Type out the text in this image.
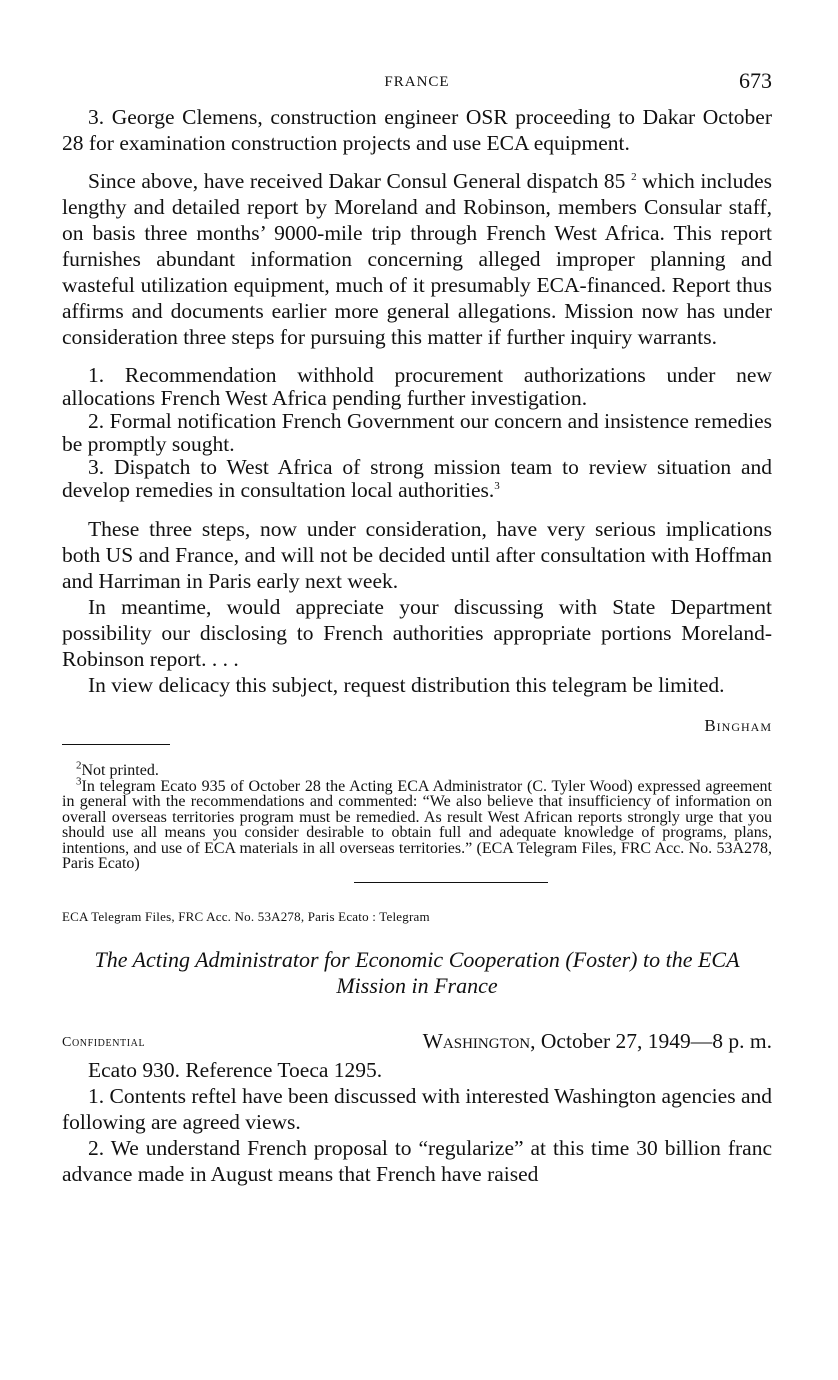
FRANCE	673

3. George Clemens, construction engineer OSR proceeding to Dakar October 28 for examination construction projects and use ECA equipment.

Since above, have received Dakar Consul General dispatch 85 $^2$ which includes lengthy and detailed report by Moreland and Robinson, members Consular staff, on basis three months’ 9000-mile trip through French West Africa. This report furnishes abundant information concerning alleged improper planning and wasteful utilization equipment, much of it presumably ECA-financed. Report thus affirms and documents earlier more general allegations. Mission now has under consideration three steps for pursuing this matter if further inquiry warrants.

1. Recommendation withhold procurement authorizations under new allocations French West Africa pending further investigation.

2. Formal notification French Government our concern and insistence remedies be promptly sought.

3. Dispatch to West Africa of strong mission team to review situation and develop remedies in consultation local authorities.$^3$

These three steps, now under consideration, have very serious implications both US and France, and will not be decided until after consultation with Hoffman and Harriman in Paris early next week.

In meantime, would appreciate your discussing with State Department possibility our disclosing to French authorities appropriate portions Moreland-Robinson report. . . .

In view delicacy this subject, request distribution this telegram be limited.

Bingham

$^2$Not printed.

$^3$In telegram Ecato 935 of October 28 the Acting ECA Administrator (C. Tyler Wood) expressed agreement in general with the recommendations and commented: “We also believe that insufficiency of information on overall overseas territories program must be remedied. As result West African reports strongly urge that you should use all means you consider desirable to obtain full and adequate knowledge of programs, plans, intentions, and use of ECA materials in all overseas territories.” (ECA Telegram Files, FRC Acc. No. 53A278, Paris Ecato)

ECA Telegram Files, FRC Acc. No. 53A278, Paris Ecato : Telegram
The Acting Administrator for Economic Cooperation (Foster) to the ECA Mission in France
Confidential	Washington, October 27, 1949—8 p. m.

Ecato 930. Reference Toeca 1295.

1. Contents reftel have been discussed with interested Washington agencies and following are agreed views.

2. We understand French proposal to “regularize” at this time 30 billion franc advance made in August means that French have raised
